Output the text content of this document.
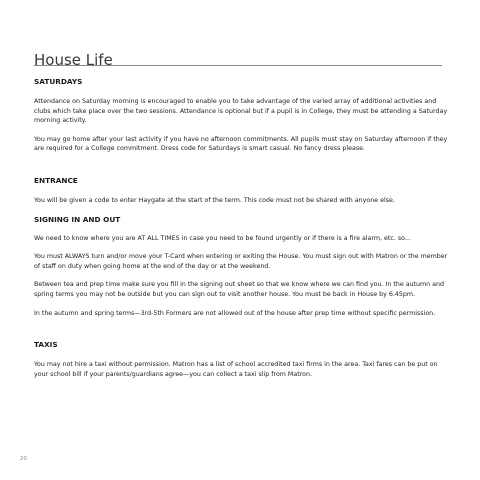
House Life
SATURDAYS

Attendance on Saturday morning is encouraged to enable you to take advantage of the varied array of additional activities and clubs which take place over the two sessions. Attendance is optional but if a pupil is in College, they must be attending a Saturday morning activity.

You may go home after your last activity if you have no afternoon commitments. All pupils must stay on Saturday afternoon if they are required for a College commitment. Dress code for Saturdays is smart casual. No fancy dress please.

ENTRANCE

You will be given a code to enter Haygate at the start of the term. This code must not be shared with anyone else.

SIGNING IN AND OUT

We need to know where you are AT ALL TIMES in case you need to be found urgently or if there is a fire alarm, etc. so...

You must ALWAYS turn and/or move your T-Card when entering or exiting the House. You must sign out with Matron or the member of staff on duty when going home at the end of the day or at the weekend.

Between tea and prep time make sure you fill in the signing out sheet so that we know where we can find you. In the autumn and spring terms you may not be outside but you can sign out to visit another house. You must be back in House by 6.45pm.

In the autumn and spring terms—3rd-5th Formers are not allowed out of the house after prep time without specific permission.

TAXIS

You may not hire a taxi without permission. Matron has a list of school accredited taxi firms in the area. Taxi fares can be put on your school bill if your parents/guardians agree—you can collect a taxi slip from Matron.

20
